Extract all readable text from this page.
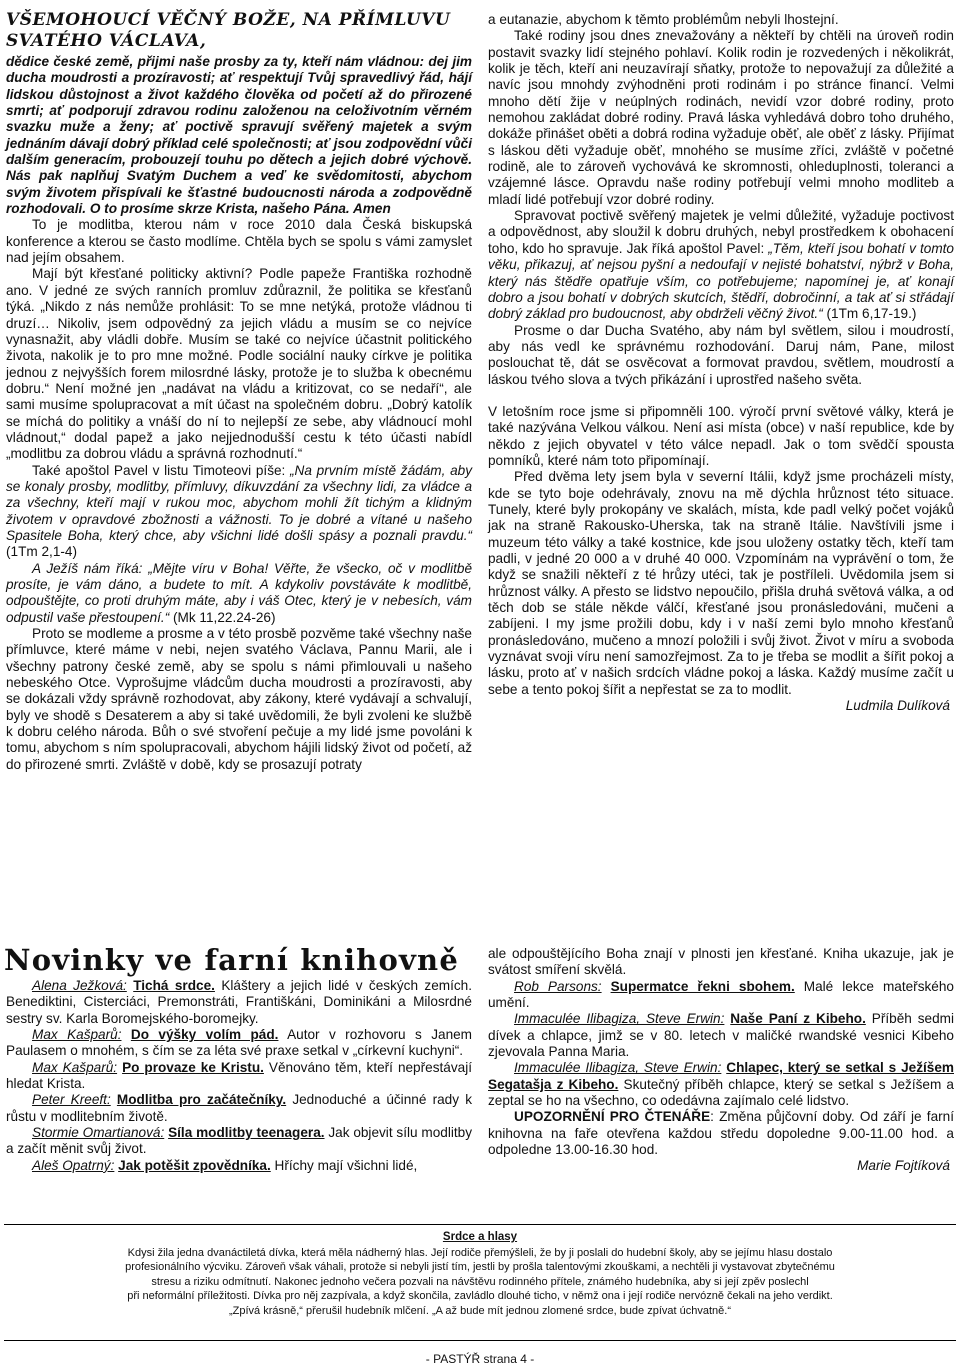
VŠEMOHOUCÍ VĚČNÝ BOŽE, NA PŘÍMLUVU
SVATÉHO VÁCLAVA,

dědice české země, přijmi naše prosby za ty, kteří nám vládnou: dej jim ducha moudrosti a prozíravosti; ať respektují Tvůj spravedlivý řád, hájí lidskou důstojnost a život každého člověka od početí až do přirozené smrti; ať podporují zdravou rodinu založenou na celoživotním věrném svazku muže a ženy; ať poctivě spravují svěřený majetek a svým jednáním dávají dobrý příklad celé společnosti; ať jsou zodpovědní vůči dalším generacím, probouzejí touhu po dětech a jejich dobré výchově. Nás pak naplňuj Svatým Duchem a veď ke svědomitosti, abychom svým životem přispívali ke šťastné budoucnosti národa a zodpovědně rozhodovali. O to prosíme skrze Krista, našeho Pána. Amen

To je modlitba, kterou nám v roce 2010 dala Česká biskupská konference a kterou se často modlíme. Chtěla bych se spolu s vámi zamyslet nad jejím obsahem.

Mají být křesťané politicky aktivní? Podle papeže Františka rozhodně ano. V jedné ze svých ranních promluv zdůraznil, že politika se křesťanů týká. „Nikdo z nás nemůže prohlásit: To se mne netýká, protože vládnou ti druzí… Nikoliv, jsem odpovědný za jejich vládu a musím se co nejvíce vynasnažit, aby vládli dobře. Musím se také co nejvíce účastnit politického života, nakolik je to pro mne možné. Podle sociální nauky církve je politika jednou z nejvyšších forem milosrdné lásky, protože je to služba k obecnému dobru.“ Není možné jen „nadávat na vládu a kritizovat, co se nedaří“, ale sami musíme spolupracovat a mít účast na společném dobru. „Dobrý katolík se míchá do politiky a vnáší do ní to nejlepší ze sebe, aby vládnoucí mohl vládnout,“ dodal papež a jako nejjednodušší cestu k této účasti nabídl „modlitbu za dobrou vládu a správná rozhodnutí.“

Také apoštol Pavel v listu Timoteovi píše: „Na prvním místě žádám, aby se konaly prosby, modlitby, přímluvy, díkuvzdání za všechny lidi, za vládce a za všechny, kteří mají v rukou moc, abychom mohli žít tichým a klidným životem v opravdové zbožnosti a vážnosti. To je dobré a vítané u našeho Spasitele Boha, který chce, aby všichni lidé došli spásy a poznali pravdu.“ (1Tm 2,1-4)

A Ježíš nám říká: „Mějte víru v Boha! Věřte, že všecko, oč v modlitbě prosíte, je vám dáno, a budete to mít. A kdykoliv povstáváte k modlitbě, odpouštějte, co proti druhým máte, aby i váš Otec, který je v nebesích, vám odpustil vaše přestoupení.“ (Mk 11,22.24-26)

Proto se modleme a prosme a v této prosbě pozvěme také všechny naše přímluvce, které máme v nebi, nejen svatého Václava, Pannu Marii, ale i všechny patrony české země, aby se spolu s námi přimlouvali u našeho nebeského Otce. Vyprošujme vládcům ducha moudrosti a prozíravosti, aby se dokázali vždy správně rozhodovat, aby zákony, které vydávají a schvalují, byly ve shodě s Desaterem a aby si také uvědomili, že byli zvoleni ke službě k dobru celého národa. Bůh o své stvoření pečuje a my lidé jsme povoláni k tomu, abychom s ním spolupracovali, abychom hájili lidský život od početí, až do přirozené smrti. Zvláště v době, kdy se prosazují potraty

a eutanazie, abychom k těmto problémům nebyli lhostejní.

Také rodiny jsou dnes znevažovány a někteří by chtěli na úroveň rodin postavit svazky lidí stejného pohlaví. Kolik rodin je rozvedených i několikrát, kolik je těch, kteří ani neuzavírají sňatky, protože to nepovažují za důležité a navíc jsou mnohdy zvýhodněni proti rodinám i po stránce financí. Velmi mnoho dětí žije v neúplných rodinách, nevidí vzor dobré rodiny, proto nemohou zakládat dobré rodiny. Pravá láska vyhledává dobro toho druhého, dokáže přinášet oběti a dobrá rodina vyžaduje oběť, ale oběť z lásky. Přijímat s láskou děti vyžaduje oběť, mnohého se musíme zříci, zvláště v početné rodině, ale to zároveň vychovává ke skromnosti, ohleduplnosti, toleranci a vzájemné lásce. Opravdu naše rodiny potřebují velmi mnoho modliteb a mladí lidé potřebují vzor dobré rodiny.

Spravovat poctivě svěřený majetek je velmi důležité, vyžaduje poctivost a odpovědnost, aby sloužil k dobru druhých, nebyl prostředkem k obohacení toho, kdo ho spravuje. Jak říká apoštol Pavel: „Těm, kteří jsou bohatí v tomto věku, přikazuj, ať nejsou pyšní a nedoufají v nejisté bohatství, nýbrž v Boha, který nás štědře opatřuje vším, co potřebujeme; napomínej je, ať konají dobro a jsou bohatí v dobrých skutcích, štědří, dobročinní, a tak ať si střádají dobrý základ pro budoucnost, aby obdrželi věčný život.“ (1Tm 6,17-19.)

Prosme o dar Ducha Svatého, aby nám byl světlem, silou i moudrostí, aby nás vedl ke správnému rozhodování. Daruj nám, Pane, milost poslouchat tě, dát se osvěcovat a formovat pravdou, světlem, moudrostí a láskou tvého slova a tvých přikázání i uprostřed našeho světa.

V letošním roce jsme si připomněli 100. výročí první světové války, která je také nazývána Velkou válkou. Není asi místa (obce) v naší republice, kde by někdo z jejich obyvatel v této válce nepadl. Jak o tom svědčí spousta pomníků, které nám toto připomínají.

Před dvěma lety jsem byla v severní Itálii, když jsme procházeli místy, kde se tyto boje odehrávaly, znovu na mě dýchla hrůznost této situace. Tunely, které byly prokopány ve skalách, místa, kde padl velký počet vojáků jak na straně Rakousko-Uherska, tak na straně Itálie. Navštívili jsme i muzeum této války a také kostnice, kde jsou uloženy ostatky těch, kteří tam padli, v jedné 20 000 a v druhé 40 000. Vzpomínám na vyprávění o tom, že když se snažili někteří z té hrůzy utéci, tak je postříleli. Uvědomila jsem si hrůznost války. A přesto se lidstvo nepoučilo, přišla druhá světová válka, a od těch dob se stále někde válčí, křesťané jsou pronásledováni, mučeni a zabíjeni. I my jsme prožili dobu, kdy i v naší zemi bylo mnoho křesťanů pronásledováno, mučeno a mnozí položili i svůj život. Život v míru a svoboda vyznávat svoji víru není samozřejmost. Za to je třeba se modlit a šířit pokoj a lásku, proto ať v našich srdcích vládne pokoj a láska. Každý musíme začít u sebe a tento pokoj šířit a nepřestat se za to modlit.

Ludmila Dulíková

Novinky ve farní knihovně

Alena Ježková: Tichá srdce. Kláštery a jejich lidé v českých zemích. Benediktini, Cisterciáci, Premonstráti, Františkáni, Dominikáni a Milosrdné sestry sv. Karla Boromejského-boromejky.

Max Kašparů: Do výšky volím pád. Autor v rozhovoru s Janem Paulasem o mnohém, s čím se za léta své praxe setkal v „církevní kuchyni“.

Max Kašparů: Po provaze ke Kristu. Věnováno těm, kteří nepřestávají hledat Krista.

Peter Kreeft: Modlitba pro začátečníky. Jednoduché a účinné rady k růstu v modlitebním životě.

Stormie Omartianová: Síla modlitby teenagera. Jak objevit sílu modlitby a začít měnit svůj život.

Aleš Opatrný: Jak potěšit zpovědníka. Hříchy mají všichni lidé,

ale odpouštějícího Boha znají v plnosti jen křesťané. Kniha ukazuje, jak je svátost smíření skvělá.

Rob Parsons: Supermatce řekni sbohem. Malé lekce mateřského umění.

Immaculée Ilibagiza, Steve Erwin: Naše Paní z Kibeho. Příběh sedmi dívek a chlapce, jimž se v 80. letech v maličké rwandské vesnici Kibeho zjevovala Panna Maria.

Immaculée Ilibagiza, Steve Erwin: Chlapec, který se setkal s Ježíšem Segatašja z Kibeho. Skutečný příběh chlapce, který se setkal s Ježíšem a zeptal se ho na všechno, co odedávna zajímalo celé lidstvo.

UPOZORNĚNÍ PRO ČTENÁŘE: Změna půjčovní doby. Od září je farní knihovna na faře otevřena každou středu dopoledne 9.00-11.00 hod. a odpoledne 13.00-16.30 hod.

Marie Fojtíková

Srdce a hlasy

Kdysi žila jedna dvanáctiletá dívka, která měla nádherný hlas. Její rodiče přemýšleli, že by ji poslali do hudební školy, aby se jejímu hlasu dostalo

profesionálního výcviku. Zároveň však váhali, protože si nebyli jistí tím, jestli by prošla talentovými zkouškami, a nechtěli ji vystavovat zbytečnému

stresu a riziku odmítnutí. Nakonec jednoho večera pozvali na návštěvu rodinného přítele, známého hudebníka, aby si její zpěv poslechl

při neformální příležitosti. Dívka pro něj zazpívala, a když skončila, zavládlo dlouhé ticho, v němž ona i její rodiče nervózně čekali na jeho verdikt.

„Zpívá krásně,“ přerušil hudebník mlčení. „A až bude mít jednou zlomené srdce, bude zpívat úchvatně.“

- PASTÝŘ strana 4 -
